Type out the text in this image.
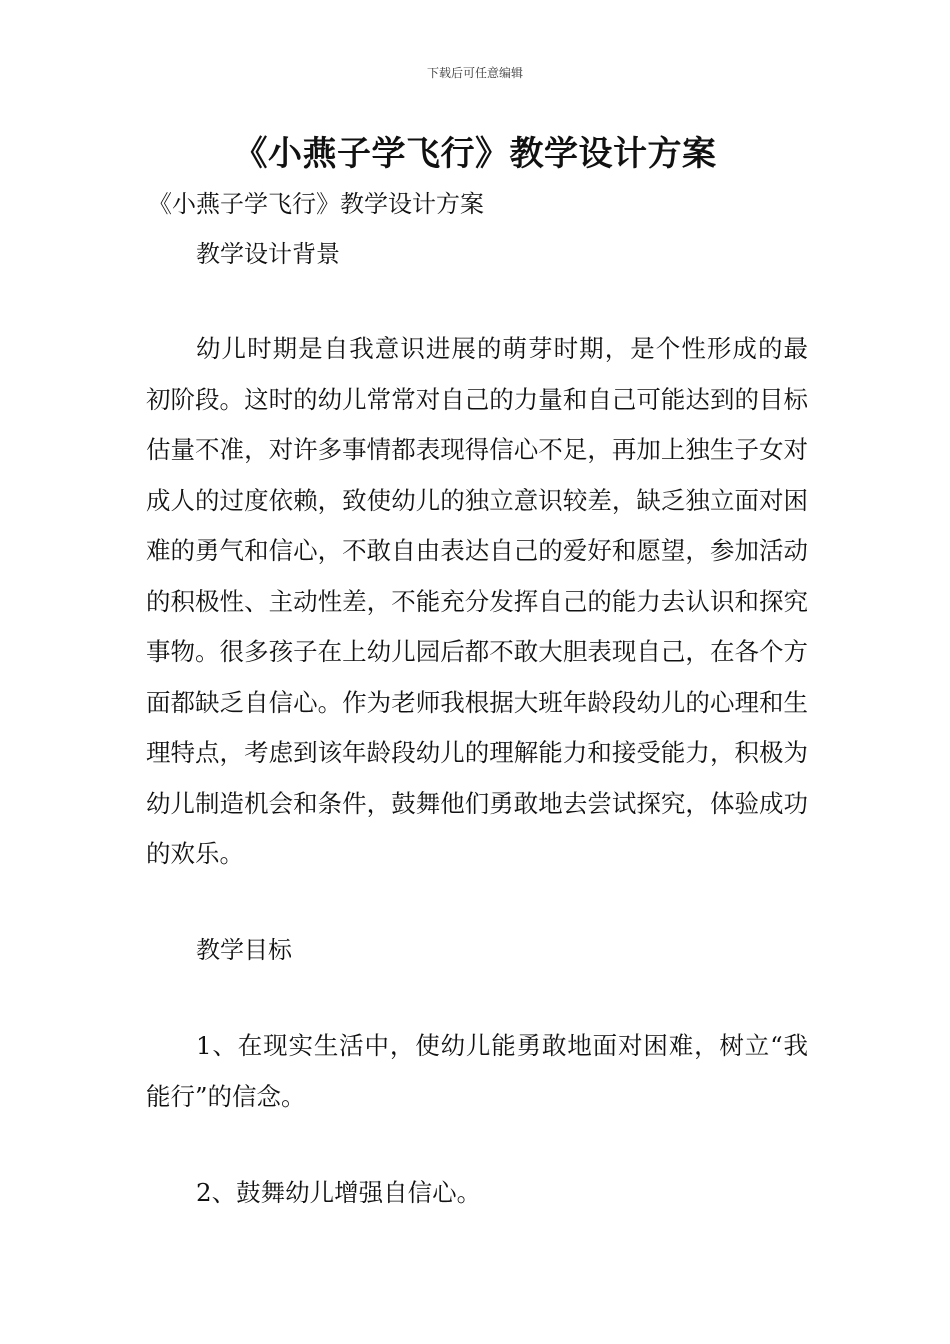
下载后可任意编辑
《小燕子学飞行》教学设计方案

《小燕子学飞行》教学设计方案

教学设计背景

幼儿时期是自我意识进展的萌芽时期，是个性形成的最初阶段。这时的幼儿常常对自己的力量和自己可能达到的目标估量不准，对许多事情都表现得信心不足，再加上独生子女对成人的过度依赖，致使幼儿的独立意识较差，缺乏独立面对困难的勇气和信心，不敢自由表达自己的爱好和愿望，参加活动的积极性、主动性差，不能充分发挥自己的能力去认识和探究事物。很多孩子在上幼儿园后都不敢大胆表现自己，在各个方面都缺乏自信心。作为老师我根据大班年龄段幼儿的心理和生理特点，考虑到该年龄段幼儿的理解能力和接受能力，积极为幼儿制造机会和条件，鼓舞他们勇敢地去尝试探究，体验成功的欢乐。

教学目标

1、在现实生活中，使幼儿能勇敢地面对困难，树立“我能行”的信念。

2、鼓舞幼儿增强自信心。
